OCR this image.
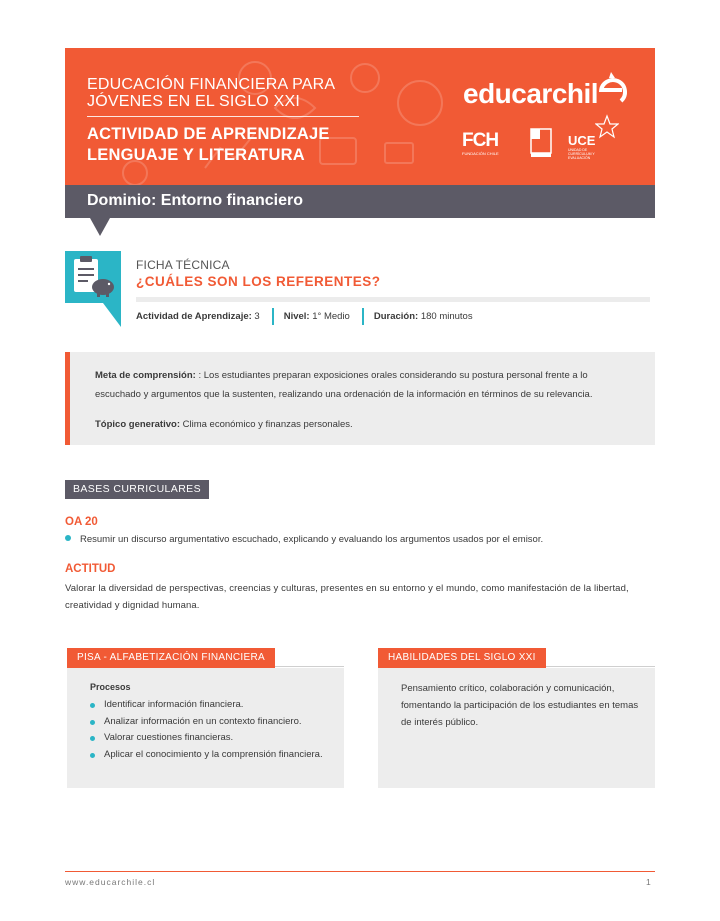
EDUCACIÓN FINANCIERA PARA
JÓVENES EN EL SIGLO XXI
ACTIVIDAD DE APRENDIZAJE
LENGUAJE Y LITERATURA
educarchil
FCH
FUNDACIÓN CHILE
UCE
UNIDAD DE CURRÍCULUM Y EVALUACIÓN
Dominio: Entorno financiero
FICHA TÉCNICA
¿CUÁLES SON LOS REFERENTES?
Actividad de Aprendizaje: 3	Nivel: 1° Medio	Duración: 180 minutos

Meta de comprensión: : Los estudiantes preparan exposiciones orales considerando su postura personal frente a lo escuchado y argumentos que la sustenten, realizando una ordenación de la información en términos de su relevancia.

Tópico generativo: Clima económico y finanzas personales.

BASES CURRICULARES
OA 20
Resumir un discurso argumentativo escuchado, explicando y evaluando los argumentos usados por el emisor.
ACTITUD
Valorar la diversidad de perspectivas, creencias y culturas, presentes en su entorno y el mundo, como manifestación de la libertad, creatividad y dignidad humana.
PISA - ALFABETIZACIÓN FINANCIERA
Procesos
Identificar información financiera.
Analizar información en un contexto financiero.
Valorar cuestiones financieras.
Aplicar el conocimiento y la comprensión financiera.
HABILIDADES DEL SIGLO XXI
Pensamiento crítico, colaboración y comunicación, fomentando la participación de los estudiantes en temas de interés público.
www.educarchile.cl	1
